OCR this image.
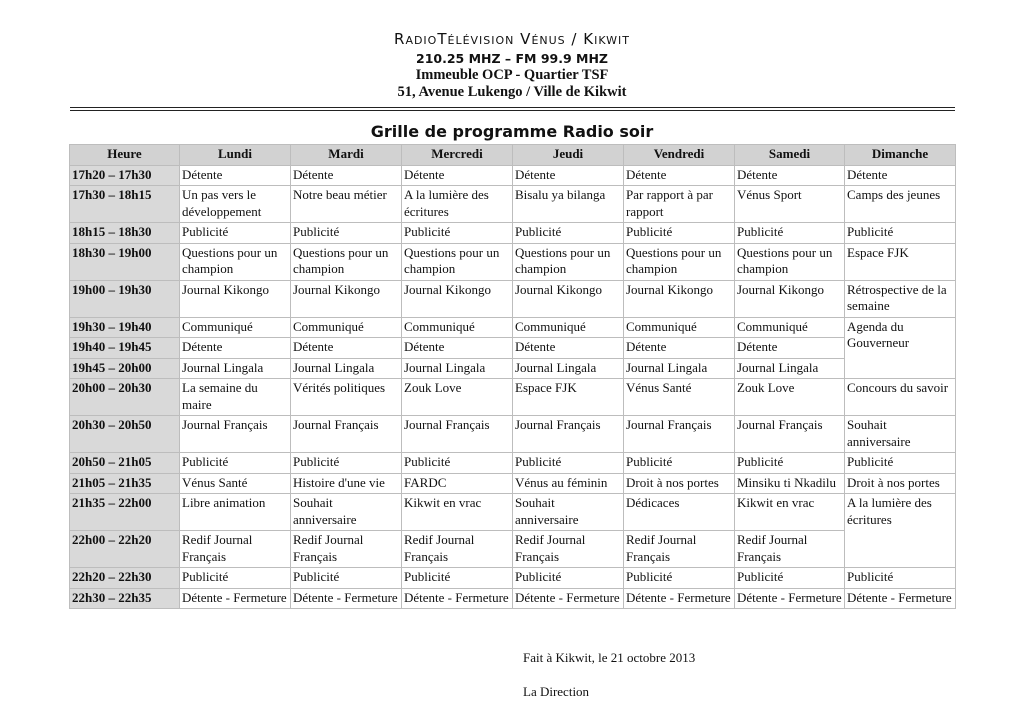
RadioTélévision Vénus / Kikwit
210.25 MHZ – FM 99.9 MHZ
Immeuble OCP - Quartier TSF
51, Avenue Lukengo / Ville de Kikwit
Grille de programme Radio soir
Heure	Lundi	Mardi	Mercredi	Jeudi	Vendredi	Samedi	Dimanche
17h20 – 17h30	Détente	Détente	Détente	Détente	Détente	Détente	Détente
17h30 – 18h15	Un pas vers le développement	Notre beau métier	A la lumière des écritures	Bisalu ya bilanga	Par rapport à par rapport	Vénus Sport	Camps des jeunes
18h15 – 18h30	Publicité	Publicité	Publicité	Publicité	Publicité	Publicité	Publicité
18h30 – 19h00	Questions pour un champion	Questions pour un champion	Questions pour un champion	Questions pour un champion	Questions pour un champion	Questions pour un champion	Espace FJK
19h00 – 19h30	Journal Kikongo	Journal Kikongo	Journal Kikongo	Journal Kikongo	Journal Kikongo	Journal Kikongo	Rétrospective de la semaine
19h30 – 19h40	Communiqué	Communiqué	Communiqué	Communiqué	Communiqué	Communiqué	Agenda du Gouverneur
19h40 – 19h45	Détente	Détente	Détente	Détente	Détente	Détente	
19h45 – 20h00	Journal Lingala	Journal Lingala	Journal Lingala	Journal Lingala	Journal Lingala	Journal Lingala	
20h00 – 20h30	La semaine du maire	Vérités politiques	Zouk Love	Espace FJK	Vénus Santé	Zouk Love	Concours du savoir
20h30 – 20h50	Journal Français	Journal Français	Journal Français	Journal Français	Journal Français	Journal Français	Souhait anniversaire
20h50 – 21h05	Publicité	Publicité	Publicité	Publicité	Publicité	Publicité	Publicité
21h05 – 21h35	Vénus Santé	Histoire d'une vie	FARDC	Vénus au féminin	Droit à nos portes	Minsiku ti Nkadilu	Droit à nos portes
21h35 – 22h00	Libre animation	Souhait anniversaire	Kikwit en vrac	Souhait anniversaire	Dédicaces	Kikwit en vrac	A la lumière des écritures
22h00 – 22h20	Redif Journal Français	Redif Journal Français	Redif Journal Français	Redif Journal Français	Redif Journal Français	Redif Journal Français	
22h20 – 22h30	Publicité	Publicité	Publicité	Publicité	Publicité	Publicité	Publicité
22h30 – 22h35	Détente - Fermeture	Détente - Fermeture	Détente - Fermeture	Détente - Fermeture	Détente - Fermeture	Détente - Fermeture	Détente - Fermeture
Fait à Kikwit, le 21 octobre 2013
La Direction
